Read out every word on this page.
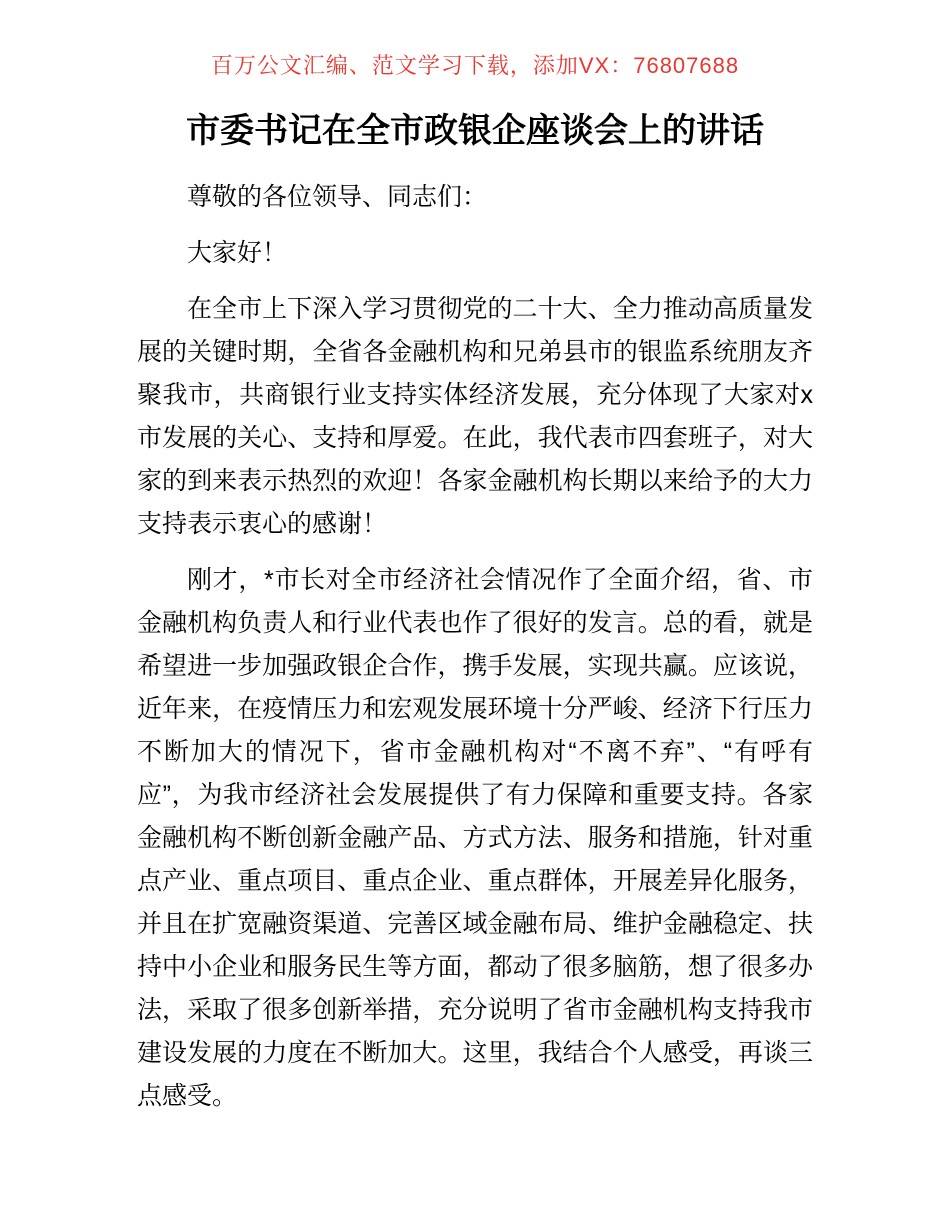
百万公文汇编、范文学习下载，添加VX：76807688
市委书记在全市政银企座谈会上的讲话

尊敬的各位领导、同志们：

大家好！

在全市上下深入学习贯彻党的二十大、全力推动高质量发展的关键时期，全省各金融机构和兄弟县市的银监系统朋友齐聚我市，共商银行业支持实体经济发展，充分体现了大家对x市发展的关心、支持和厚爱。在此，我代表市四套班子，对大家的到来表示热烈的欢迎！各家金融机构长期以来给予的大力支持表示衷心的感谢！

刚才，*市长对全市经济社会情况作了全面介绍，省、市金融机构负责人和行业代表也作了很好的发言。总的看，就是希望进一步加强政银企合作，携手发展，实现共赢。应该说，近年来，在疫情压力和宏观发展环境十分严峻、经济下行压力不断加大的情况下，省市金融机构对“不离不弃”、“有呼有应”，为我市经济社会发展提供了有力保障和重要支持。各家金融机构不断创新金融产品、方式方法、服务和措施，针对重点产业、重点项目、重点企业、重点群体，开展差异化服务，并且在扩宽融资渠道、完善区域金融布局、维护金融稳定、扶持中小企业和服务民生等方面，都动了很多脑筋，想了很多办法，采取了很多创新举措，充分说明了省市金融机构支持我市建设发展的力度在不断加大。这里，我结合个人感受，再谈三点感受。
